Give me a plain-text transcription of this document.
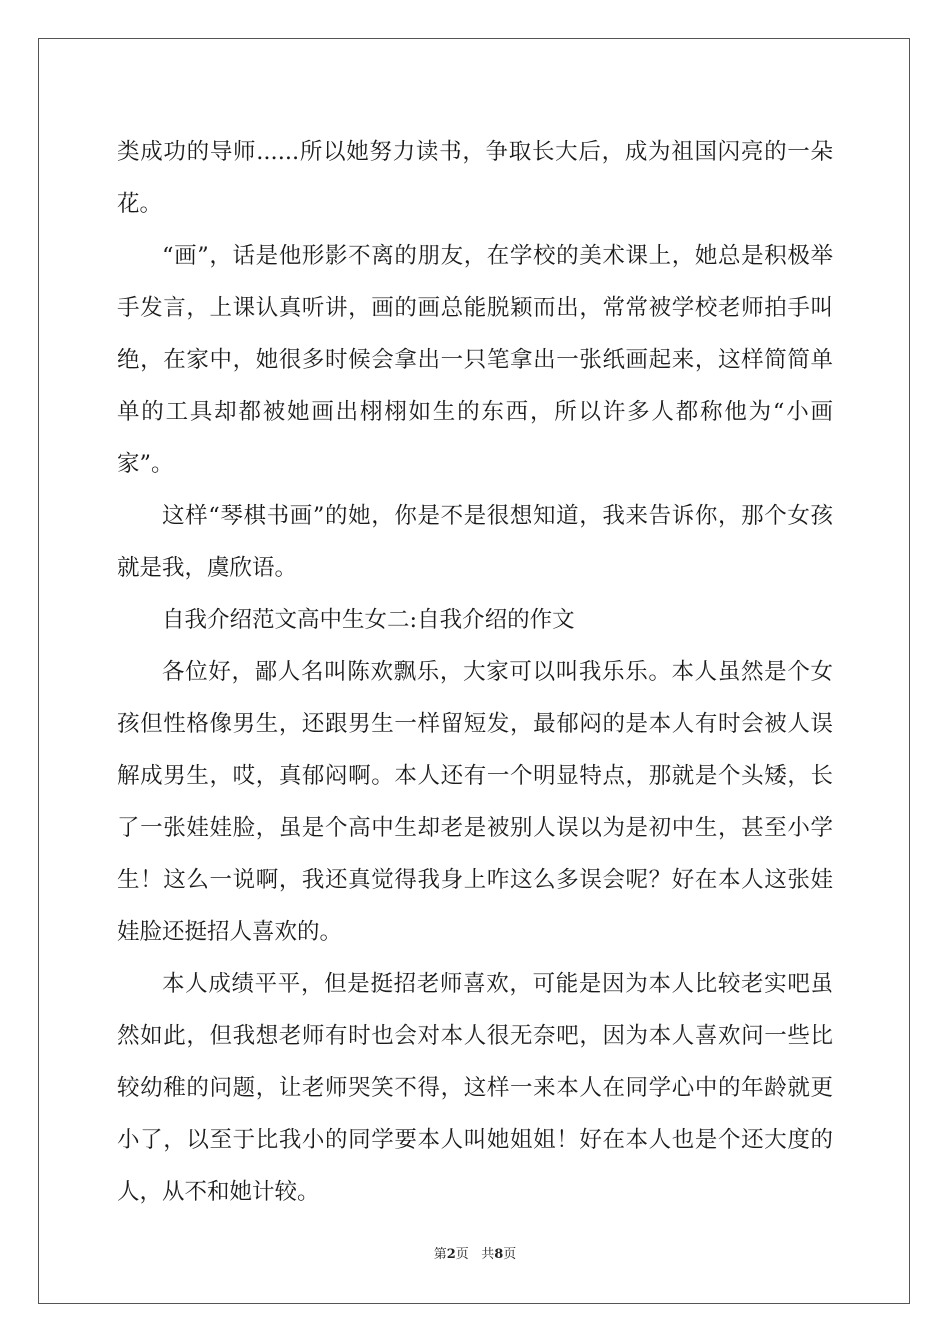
类成功的导师......所以她努力读书，争取长大后，成为祖国闪亮的一朵花。

“画”，话是他形影不离的朋友，在学校的美术课上，她总是积极举手发言，上课认真听讲，画的画总能脱颖而出，常常被学校老师拍手叫绝，在家中，她很多时候会拿出一只笔拿出一张纸画起来，这样简简单单的工具却都被她画出栩栩如生的东西，所以许多人都称他为“小画家”。

这样“琴棋书画”的她，你是不是很想知道，我来告诉你，那个女孩就是我，虞欣语。

自我介绍范文高中生女二:自我介绍的作文

各位好，鄙人名叫陈欢飘乐，大家可以叫我乐乐。本人虽然是个女孩但性格像男生，还跟男生一样留短发，最郁闷的是本人有时会被人误解成男生，哎，真郁闷啊。本人还有一个明显特点，那就是个头矮，长了一张娃娃脸，虽是个高中生却老是被别人误以为是初中生，甚至小学生！这么一说啊，我还真觉得我身上咋这么多误会呢？好在本人这张娃娃脸还挺招人喜欢的。

本人成绩平平，但是挺招老师喜欢，可能是因为本人比较老实吧虽然如此，但我想老师有时也会对本人很无奈吧，因为本人喜欢问一些比较幼稚的问题，让老师哭笑不得，这样一来本人在同学心中的年龄就更小了，以至于比我小的同学要本人叫她姐姐！好在本人也是个还大度的人，从不和她计较。

第2页 共8页
